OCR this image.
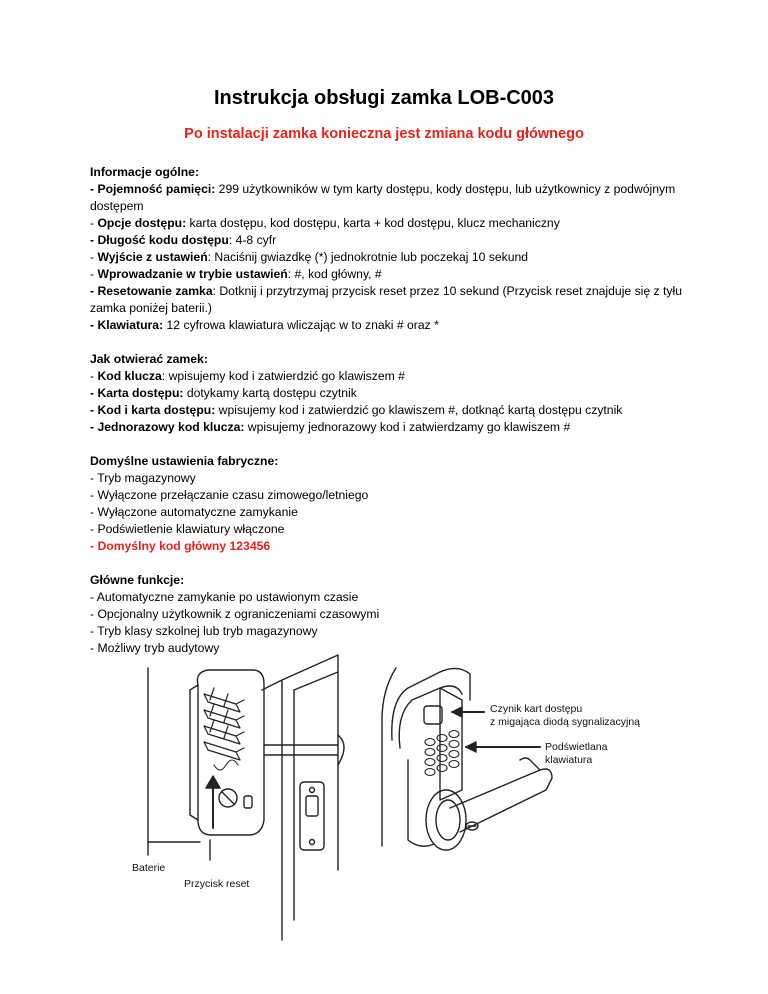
Instrukcja obsługi zamka LOB-C003
Po instalacji zamka konieczna jest zmiana kodu głównego

Informacje ogólne:

- Pojemność pamięci: 299 użytkowników w tym karty dostępu, kody dostępu, lub użytkownicy z podwójnym dostępem

- Opcje dostępu: karta dostępu, kod dostępu, karta + kod dostępu, klucz mechaniczny

- Długość kodu dostępu: 4-8 cyfr

- Wyjście z ustawień: Naciśnij gwiazdkę (*) jednokrotnie lub poczekaj 10 sekund

- Wprowadzanie w trybie ustawień: #, kod główny, #

- Resetowanie zamka: Dotknij i przytrzymaj przycisk reset przez 10 sekund (Przycisk reset znajduje się z tyłu zamka poniżej baterii.)

- Klawiatura: 12 cyfrowa klawiatura wliczając w to znaki # oraz *

Jak otwierać zamek:

- Kod klucza: wpisujemy kod i zatwierdzić go klawiszem #

- Karta dostępu: dotykamy kartą dostępu czytnik

- Kod i karta dostępu: wpisujemy kod i zatwierdzić go klawiszem #, dotknąć kartą dostępu czytnik

- Jednorazowy kod klucza: wpisujemy jednorazowy kod i zatwierdzamy go klawiszem #

Domyślne ustawienia fabryczne:

- Tryb magazynowy

- Wyłączone przełączanie czasu zimowego/letniego

- Wyłączone automatyczne zamykanie

- Podświetlenie klawiatury włączone

- Domyślny kod główny 123456

Główne funkcje:

- Automatyczne zamykanie po ustawionym czasie

- Opcjonalny użytkownik z ograniczeniami czasowymi

- Tryb klasy szkolnej lub tryb magazynowy

- Możliwy tryb audytowy

Baterie
Przycisk reset
Czynik kart dostępu
z migająca diodą sygnalizacyjną
Podświetlana
klawiatura
